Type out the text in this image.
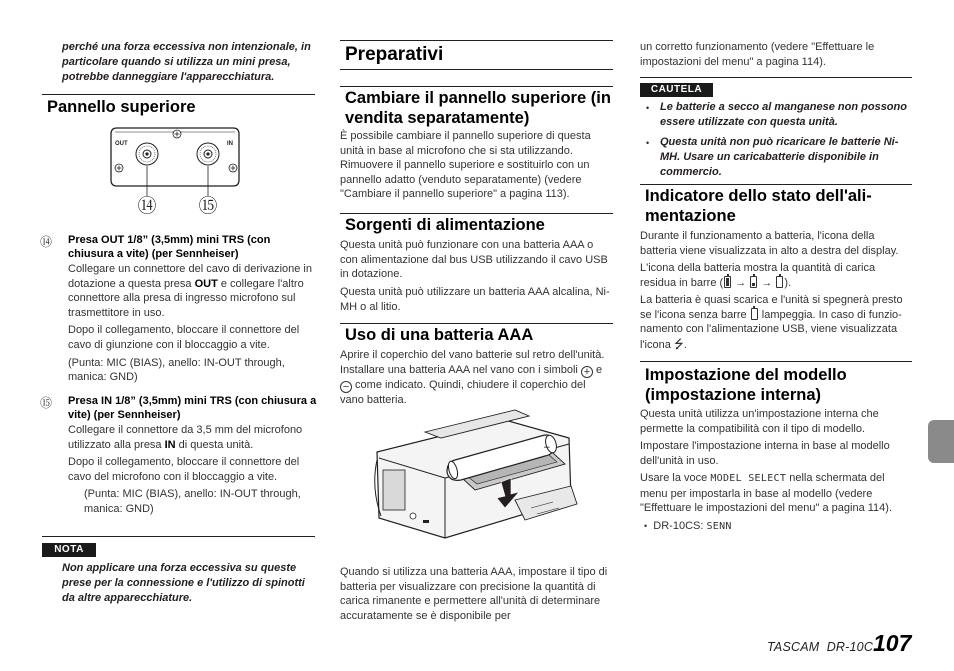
perché una forza eccessiva non intenzionale, in particolare quando si utilizza un mini presa, potrebbe danneggiare l'apparecchiatura.
Pannello superiore
OUT	IN
⑭ ⑮
⑭ Presa OUT 1/8” (3,5mm) mini TRS (con chiusura a vite) (per Sennheiser)
Collegare un connettore del cavo di derivazione in dotazione a questa presa OUT e collegare l'altro connettore alla presa di ingresso microfono sul trasmettitore in uso.
Dopo il collegamento, bloccare il connettore del cavo di giunzione con il bloccaggio a vite.
(Punta: MIC (BIAS), anello: IN-OUT through, manica: GND)
⑮ Presa IN 1/8” (3,5mm) mini TRS (con chiusura a vite) (per Sennheiser)
Collegare il connettore da 3,5 mm del microfono utilizzato alla presa IN di questa unità.
Dopo il collegamento, bloccare il connettore del cavo del microfono con il bloccaggio a vite.
(Punta: MIC (BIAS), anello: IN-OUT through, manica: GND)
NOTA
Non applicare una forza eccessiva su queste prese per la connessione e l'utilizzo di spinotti da altre apparecchiature.
Preparativi
Cambiare il pannello superiore (in vendita separatamente)
È possibile cambiare il pannello superiore di questa unità in base al microfono che si sta utilizzando. Rimuovere il pannello superiore e sostituirlo con un pannello adatto (venduto separatamente) (vedere "Cambiare il pannello superiore" a pagina 113).
Sorgenti di alimentazione
Questa unità può funzionare con una batteria AAA o con alimentazione dal bus USB utilizzando il cavo USB in dotazione.
Questa unità può utilizzare un batteria AAA alcalina, Ni-MH o al litio.
Uso di una batteria AAA
Aprire il coperchio del vano batterie sul retro dell'unità. Installare una batteria AAA nel vano con i simboli + e − come indicato. Quindi, chiudere il coperchio del vano batteria.
−
Quando si utilizza una batteria AAA, impostare il tipo di batteria per visualizzare con precisione la quantità di carica rimanente e permettere all'unità di determinare accuratamente se è disponibile per
un corretto funzionamento (vedere "Effettuare le impostazioni del menu" a pagina 114).
CAUTELA
• Le batterie a secco al manganese non possono essere utilizzate con questa unità.
• Questa unità non può ricaricare le batterie Ni-MH. Usare un caricabatterie disponibile in commercio.
Indicatore dello stato dell'ali-mentazione
Durante il funzionamento a batteria, l'icona della batteria viene visualizzata in alto a destra del display.
L'icona della batteria mostra la quantità di carica residua in barre ( →  → ).
La batteria è quasi scarica e l'unità si spegnerà presto se l'icona senza barre  lampeggia. In caso di funzio-namento con l'alimentazione USB, viene visualizzata l'icona ⭍.
Impostazione del modello (impostazione interna)
Questa unità utilizza un'impostazione interna che permette la compatibilità con il tipo di modello.
Impostare l'impostazione interna in base al modello dell'unità in uso.
Usare la voce MODEL SELECT nella schermata del menu per impostarla in base al modello (vedere "Effettuare le impostazioni del menu" a pagina 114).
• DR-10CS: SENN
TASCAM  DR-10C 107
